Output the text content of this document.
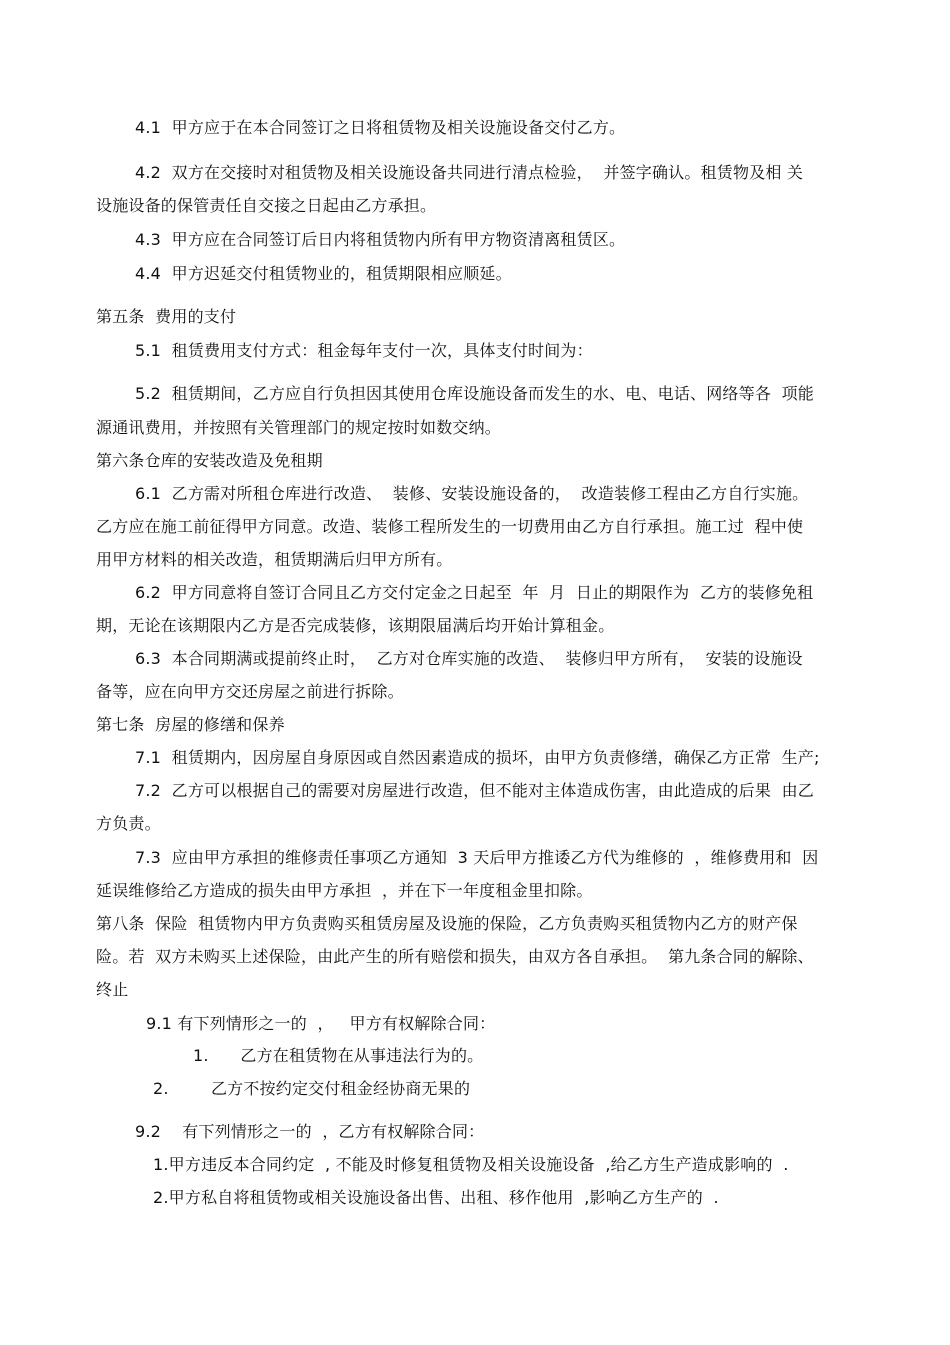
4.1  甲方应于在本合同签订之日将租赁物及相关设施设备交付乙方。
4.2  双方在交接时对租赁物及相关设施设备共同进行清点检验，  并签字确认。租赁物及相 关
设施设备的保管责任自交接之日起由乙方承担。
4.3  甲方应在合同签订后日内将租赁物内所有甲方物资清离租赁区。
4.4  甲方迟延交付租赁物业的，租赁期限相应顺延。
第五条  费用的支付
5.1  租赁费用支付方式：租金每年支付一次，具体支付时间为：
5.2  租赁期间，乙方应自行负担因其使用仓库设施设备而发生的水、电、电话、网络等各  项能
源通讯费用，并按照有关管理部门的规定按时如数交纳。
第六条仓库的安装改造及免租期
6.1  乙方需对所租仓库进行改造、  装修、安装设施设备的，  改造装修工程由乙方自行实施。
乙方应在施工前征得甲方同意。改造、装修工程所发生的一切费用由乙方自行承担。施工过  程中使
用甲方材料的相关改造，租赁期满后归甲方所有。
6.2  甲方同意将自签订合同且乙方交付定金之日起至  年  月  日止的期限作为  乙方的装修免租
期，无论在该期限内乙方是否完成装修，该期限届满后均开始计算租金。
6.3  本合同期满或提前终止时，  乙方对仓库实施的改造、  装修归甲方所有，  安装的设施设
备等，应在向甲方交还房屋之前进行拆除。
第七条  房屋的修缮和保养
7.1  租赁期内，因房屋自身原因或自然因素造成的损坏，由甲方负责修缮，确保乙方正常  生产;
7.2  乙方可以根据自己的需要对房屋进行改造，但不能对主体造成伤害，由此造成的后果  由乙
方负责。
7.3  应由甲方承担的维修责任事项乙方通知  3 天后甲方推诿乙方代为维修的  ，维修费用和  因
延误维修给乙方造成的损失由甲方承担  ，并在下一年度租金里扣除。
第八条  保险  租赁物内甲方负责购买租赁房屋及设施的保险，乙方负责购买租赁物内乙方的财产保
险。若  双方未购买上述保险，由此产生的所有赔偿和损失，由双方各自承担。  第九条合同的解除、
终止
9.1 有下列情形之一的  ，   甲方有权解除合同：
1.      乙方在租赁物在从事违法行为的。
2.        乙方不按约定交付租金经协商无果的
9.2    有下列情形之一的  ，乙方有权解除合同：
1.甲方违反本合同约定  , 不能及时修复租赁物及相关设施设备  ,给乙方生产造成影响的  .
2.甲方私自将租赁物或相关设施设备出售、出租、移作他用  ,影响乙方生产的  .
